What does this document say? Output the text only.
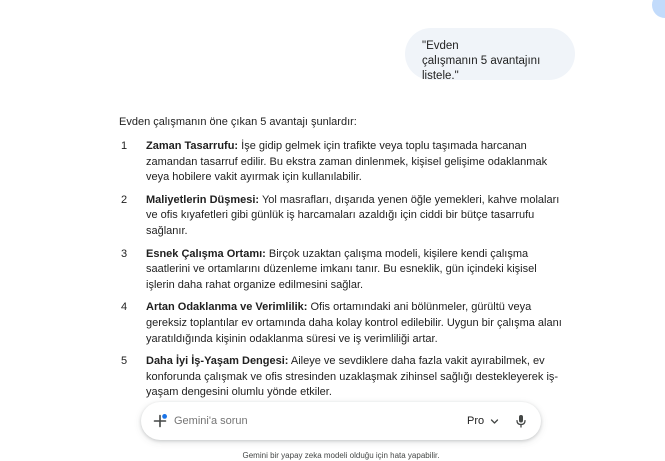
"Evden
çalışmanın 5 avantajını listele."

Evden çalışmanın öne çıkan 5 avantajı şunlardır:

1 Zaman Tasarrufu: İşe gidip gelmek için trafikte veya toplu taşımada harcanan zamandan tasarruf edilir. Bu ekstra zaman dinlenmek, kişisel gelişime odaklanmak veya hobilere vakit ayırmak için kullanılabilir.
2 Maliyetlerin Düşmesi: Yol masrafları, dışarıda yenen öğle yemekleri, kahve molaları ve ofis kıyafetleri gibi günlük iş harcamaları azaldığı için ciddi bir bütçe tasarrufu sağlanır.
3 Esnek Çalışma Ortamı: Birçok uzaktan çalışma modeli, kişilere kendi çalışma saatlerini ve ortamlarını düzenleme imkanı tanır. Bu esneklik, gün içindeki kişisel işlerin daha rahat organize edilmesini sağlar.
4 Artan Odaklanma ve Verimlilik: Ofis ortamındaki ani bölünmeler, gürültü veya gereksiz toplantılar ev ortamında daha kolay kontrol edilebilir. Uygun bir çalışma alanı yaratıldığında kişinin odaklanma süresi ve iş verimliliği artar.
5 Daha İyi İş-Yaşam Dengesi: Aileye ve sevdiklere daha fazla vakit ayırabilmek, ev konforunda çalışmak ve ofis stresinden uzaklaşmak zihinsel sağlığı destekleyerek iş-yaşam dengesini olumlu yönde etkiler.
Gemini'a sorun
Pro
Gemini bir yapay zeka modeli olduğu için hata yapabilir.
